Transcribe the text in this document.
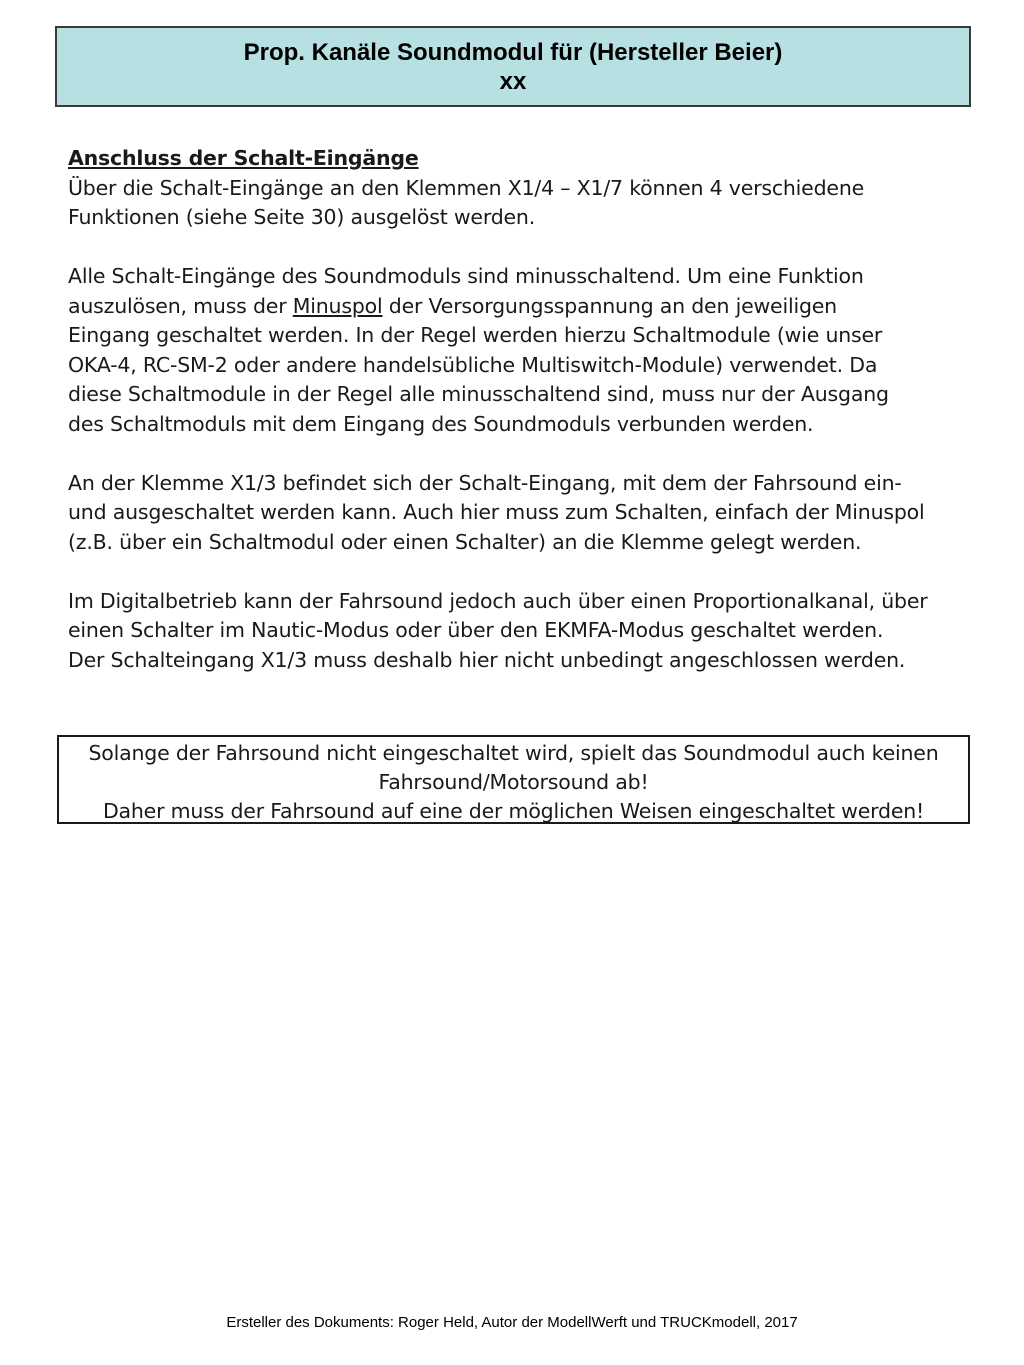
Prop. Kanäle Soundmodul für (Hersteller Beier)
xx
Anschluss der Schalt-Eingänge
Über die Schalt-Eingänge an den Klemmen X1/4 – X1/7 können 4 verschiedene
Funktionen (siehe Seite 30) ausgelöst werden.
Alle Schalt-Eingänge des Soundmoduls sind minusschaltend. Um eine Funktion
auszulösen, muss der Minuspol der Versorgungsspannung an den jeweiligen
Eingang geschaltet werden. In der Regel werden hierzu Schaltmodule (wie unser
OKA-4, RC-SM-2 oder andere handelsübliche Multiswitch-Module) verwendet. Da
diese Schaltmodule in der Regel alle minusschaltend sind, muss nur der Ausgang
des Schaltmoduls mit dem Eingang des Soundmoduls verbunden werden.
An der Klemme X1/3 befindet sich der Schalt-Eingang, mit dem der Fahrsound ein-
und ausgeschaltet werden kann. Auch hier muss zum Schalten, einfach der Minuspol
(z.B. über ein Schaltmodul oder einen Schalter) an die Klemme gelegt werden.
Im Digitalbetrieb kann der Fahrsound jedoch auch über einen Proportionalkanal, über
einen Schalter im Nautic-Modus oder über den EKMFA-Modus geschaltet werden.
Der Schalteingang X1/3 muss deshalb hier nicht unbedingt angeschlossen werden.
Solange der Fahrsound nicht eingeschaltet wird, spielt das Soundmodul auch keinen
Fahrsound/Motorsound ab!
Daher muss der Fahrsound auf eine der möglichen Weisen eingeschaltet werden!
Ersteller des Dokuments: Roger Held, Autor der ModellWerft und TRUCKmodell, 2017
